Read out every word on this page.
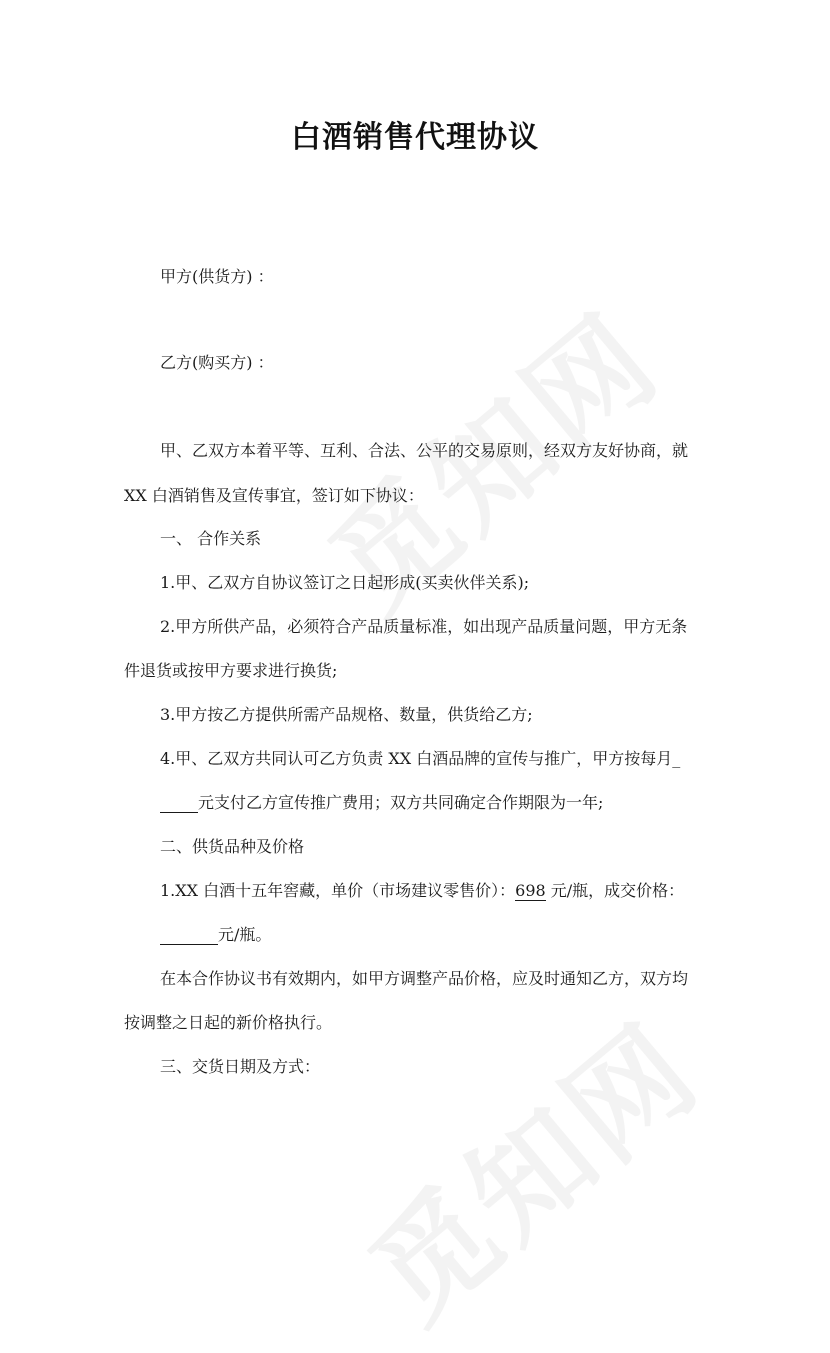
白酒销售代理协议
甲方(供货方) ：
乙方(购买方) ：
甲、乙双方本着平等、互利、合法、公平的交易原则，经双方友好协商，就
XX 白酒销售及宣传事宜，签订如下协议：
一、 合作关系
1.甲、乙双方自协议签订之日起形成(买卖伙伴关系);
2.甲方所供产品，必须符合产品质量标准，如出现产品质量问题，甲方无条
件退货或按甲方要求进行换货;
3.甲方按乙方提供所需产品规格、数量，供货给乙方;
4.甲、乙双方共同认可乙方负责 XX 白酒品牌的宣传与推广，甲方按每月_
元支付乙方宣传推广费用；双方共同确定合作期限为一年;
二、供货品种及价格
1.XX 白酒十五年窖藏，单价（市场建议零售价）：698 元/瓶，成交价格：
元/瓶。
在本合作协议书有效期内，如甲方调整产品价格，应及时通知乙方，双方均
按调整之日起的新价格执行。
三、交货日期及方式：
